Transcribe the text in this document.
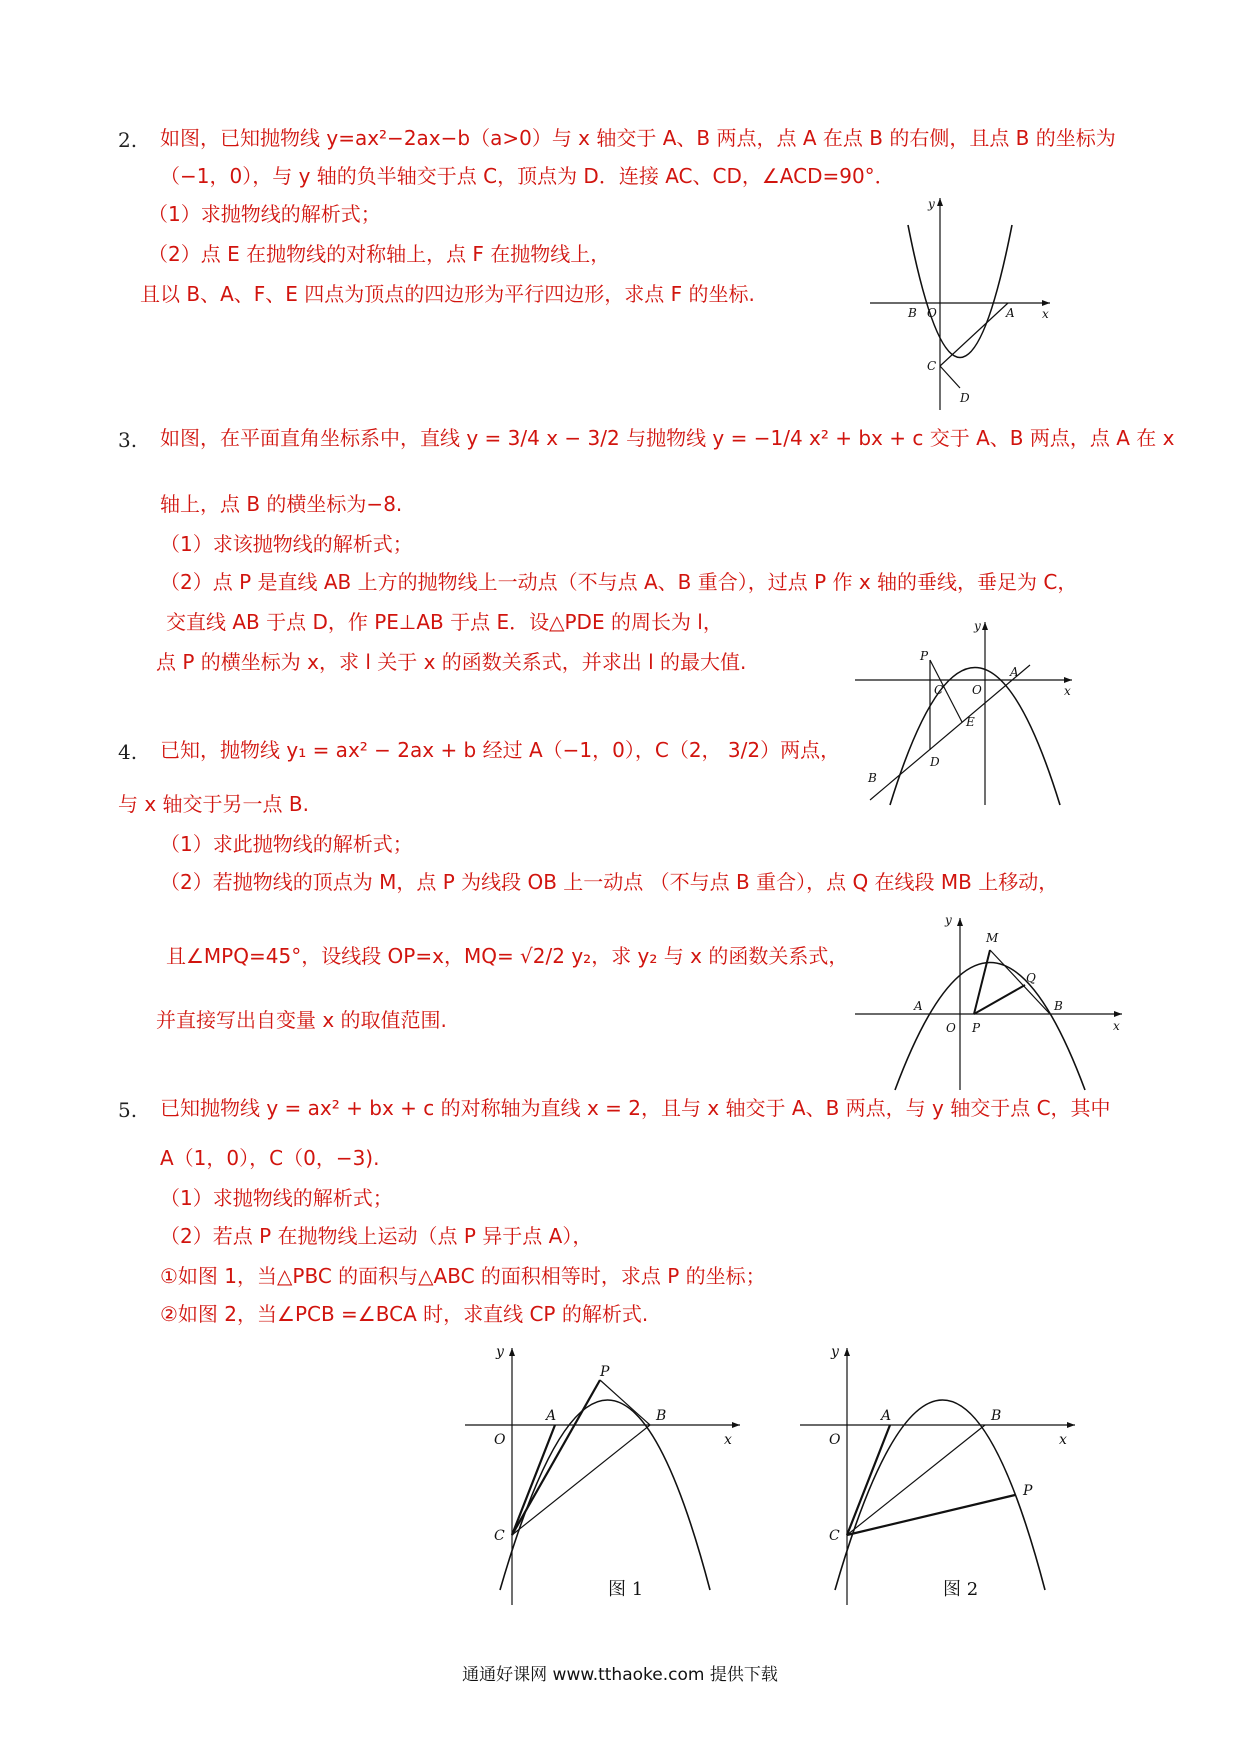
2. 如图，已知抛物线 y=ax²−2ax−b（a>0）与 x 轴交于 A、B 两点，点 A 在点 B 的右侧，且点 B 的坐标为
（−1，0），与 y 轴的负半轴交于点 C，顶点为 D．连接 AC、CD，∠ACD=90°．
（1）求抛物线的解析式；
（2）点 E 在抛物线的对称轴上，点 F 在抛物线上，
且以 B、A、F、E 四点为顶点的四边形为平行四边形，求点 F 的坐标.
y
x
B O	A
C
D
3. 如图，在平面直角坐标系中，直线 y = 3/4 x − 3/2 与抛物线 y = −1/4 x² + bx + c 交于 A、B 两点，点 A 在 x
轴上，点 B 的横坐标为−8.
（1）求该抛物线的解析式；
（2）点 P 是直线 AB 上方的抛物线上一动点（不与点 A、B 重合），过点 P 作 x 轴的垂线，垂足为 C，
交直线 AB 于点 D，作 PE⊥AB 于点 E．设△PDE 的周长为 l，
点 P 的横坐标为 x，求 l 关于 x 的函数关系式，并求出 l 的最大值.
y
x
P
C O
A
E
D
B
4. 已知，抛物线 y₁ = ax² − 2ax + b 经过 A（−1，0），C（2， 3/2）两点，
与 x 轴交于另一点 B.
（1）求此抛物线的解析式；
（2）若抛物线的顶点为 M，点 P 为线段 OB 上一动点 （不与点 B 重合），点 Q 在线段 MB 上移动，
且∠MPQ=45°，设线段 OP=x，MQ= √2/2 y₂，求 y₂ 与 x 的函数关系式，
并直接写出自变量 x 的取值范围.
y
x
M
Q
A
O P
B
5. 已知抛物线 y = ax² + bx + c 的对称轴为直线 x = 2，且与 x 轴交于 A、B 两点，与 y 轴交于点 C，其中
A（1，0），C（0，−3).
（1）求抛物线的解析式；
（2）若点 P 在抛物线上运动（点 P 异于点 A），
①如图 1，当△PBC 的面积与△ABC 的面积相等时，求点 P 的坐标；
②如图 2，当∠PCB =∠BCA 时，求直线 CP 的解析式.
y
x
P
O
A	B
C
图 1
y
x
O
A	B
P
C
图 2
通通好课网 www.tthaoke.com 提供下载
